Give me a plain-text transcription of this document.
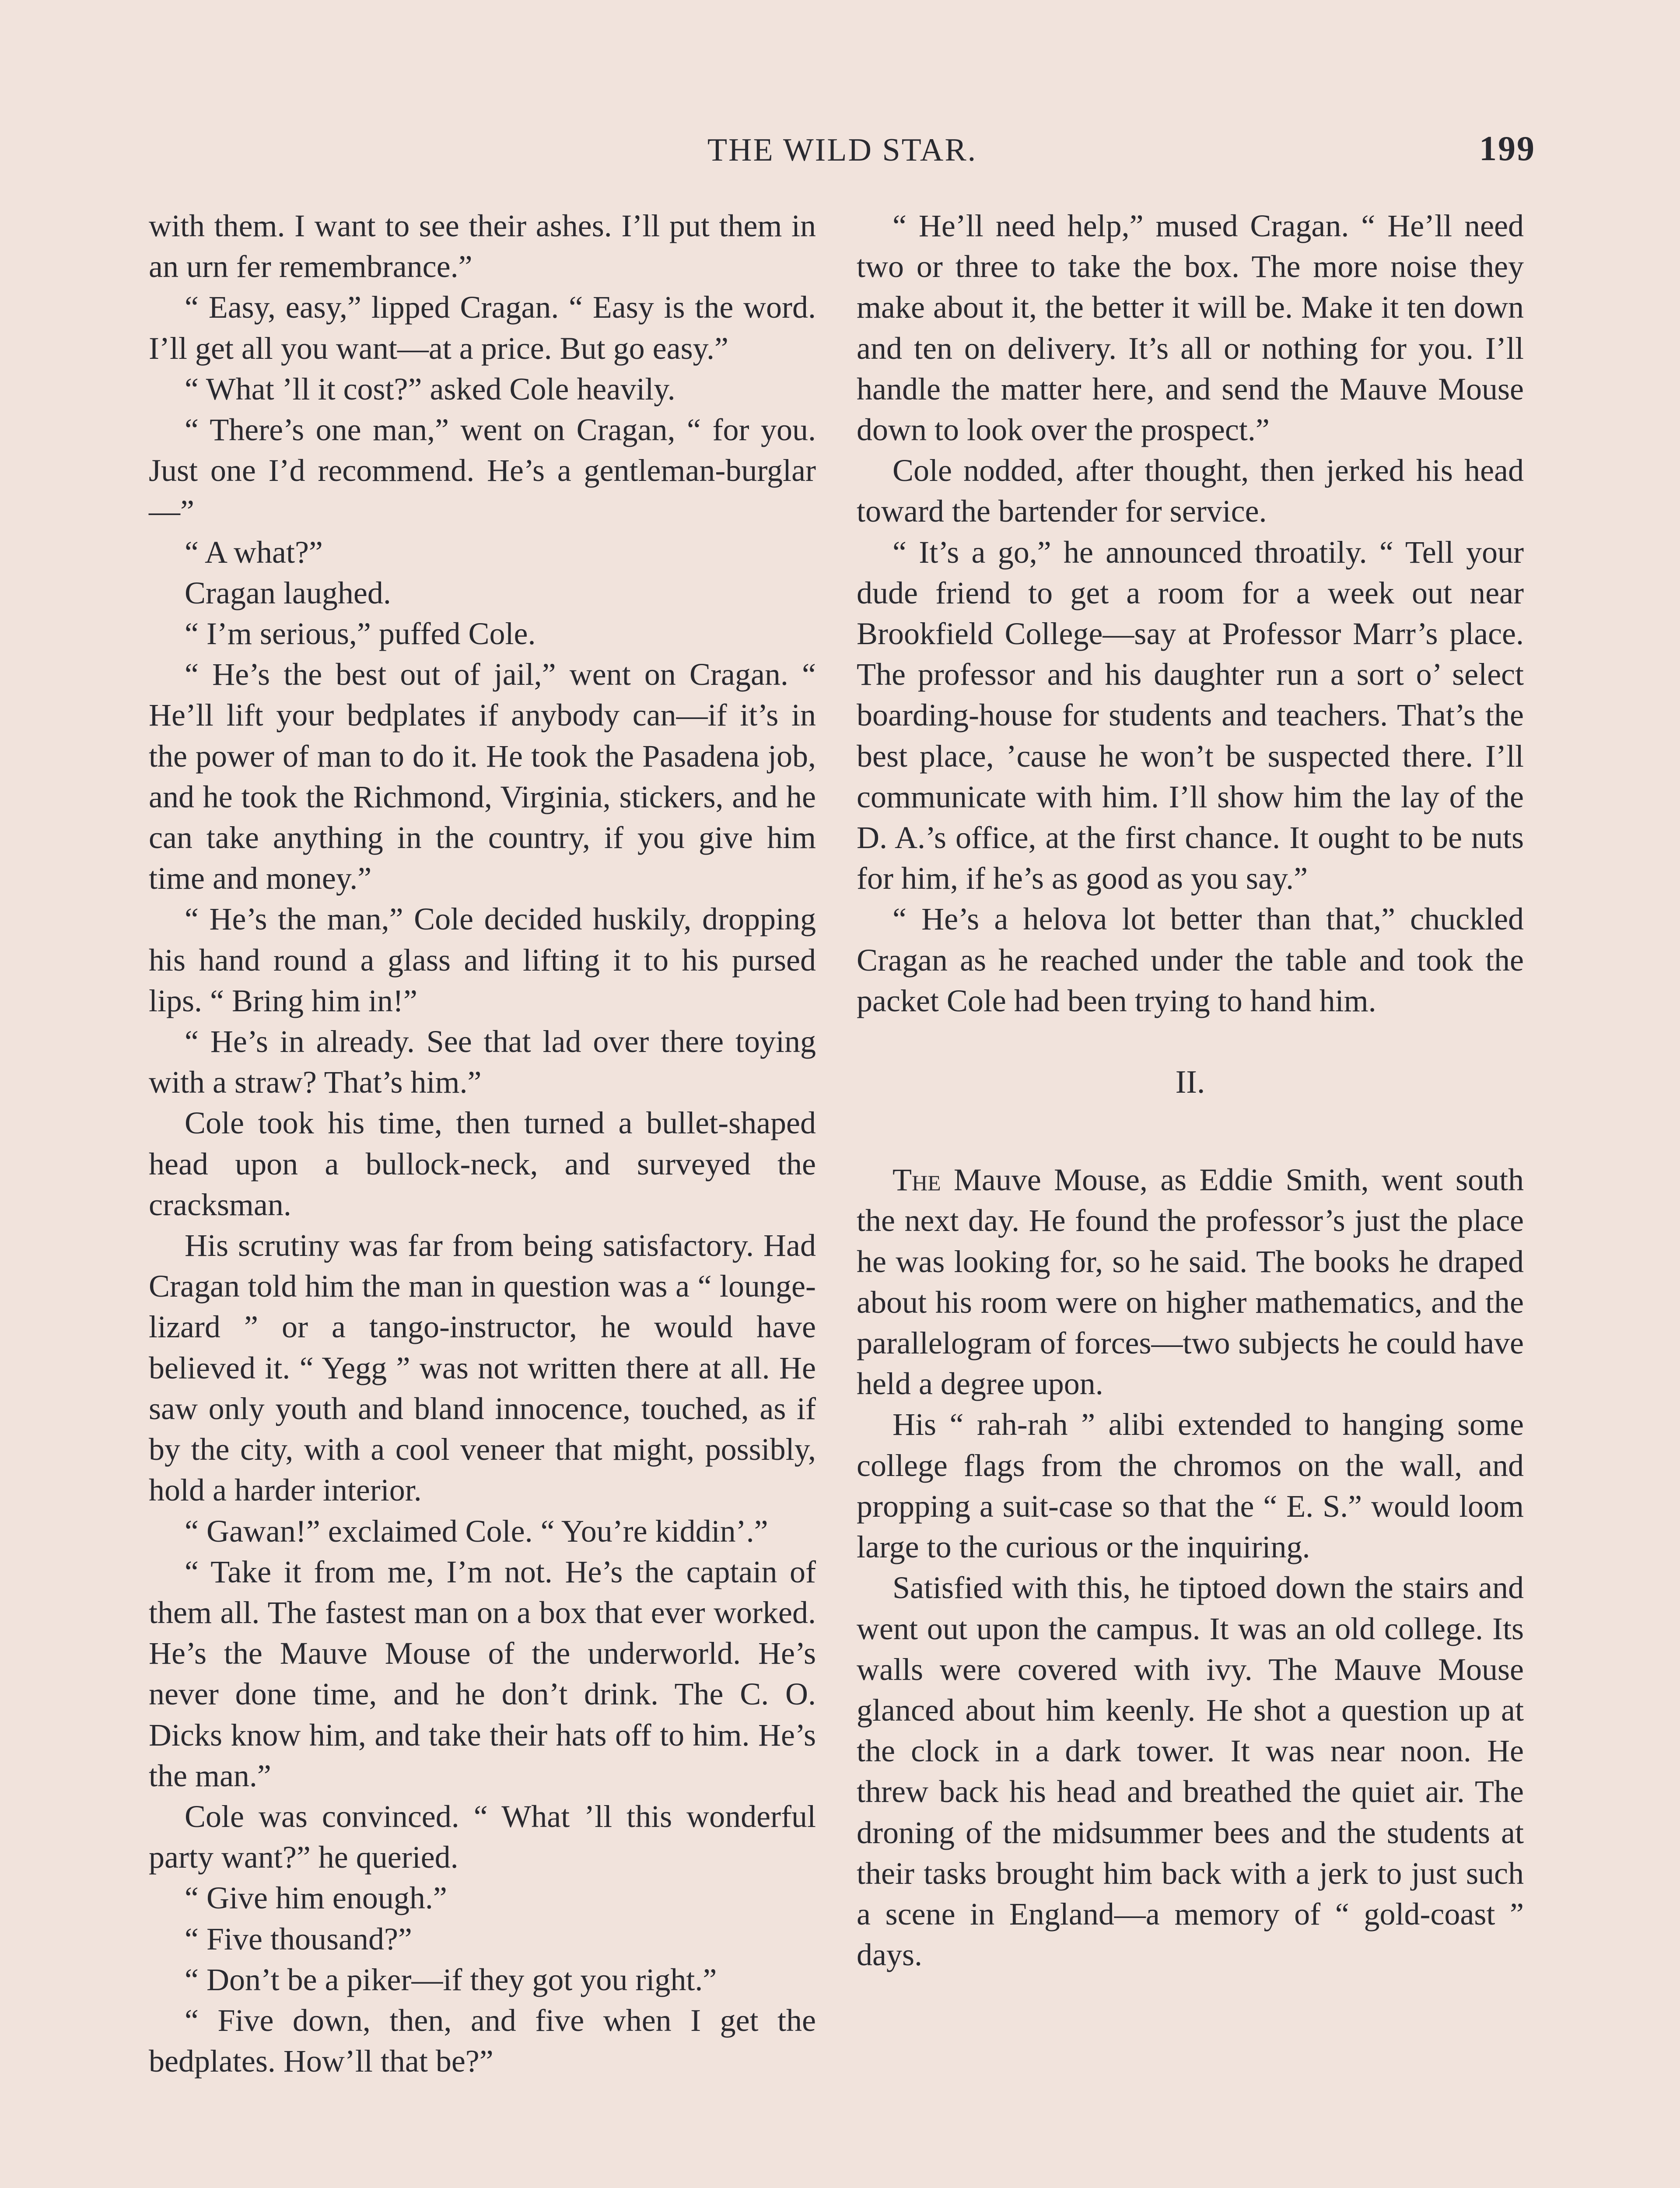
THE WILD STAR.	199

with them. I want to see their ashes. I’ll put them in an urn fer remembrance.”

“ Easy, easy,” lipped Cragan. “ Easy is the word. I’ll get all you want—at a price. But go easy.”

“ What ’ll it cost?” asked Cole heavily.

“ There’s one man,” went on Cragan, “ for you. Just one I’d recommend. He’s a gentleman-burglar—”

“ A what?”

Cragan laughed.

“ I’m serious,” puffed Cole.

“ He’s the best out of jail,” went on Cragan. “ He’ll lift your bedplates if anybody can—if it’s in the power of man to do it. He took the Pasadena job, and he took the Richmond, Virginia, stickers, and he can take anything in the country, if you give him time and money.”

“ He’s the man,” Cole decided huskily, dropping his hand round a glass and lifting it to his pursed lips. “ Bring him in!”

“ He’s in already. See that lad over there toying with a straw? That’s him.”

Cole took his time, then turned a bullet-shaped head upon a bullock-neck, and surveyed the cracksman.

His scrutiny was far from being satisfactory. Had Cragan told him the man in question was a “ lounge-lizard ” or a tango-instructor, he would have believed it. “ Yegg ” was not written there at all. He saw only youth and bland innocence, touched, as if by the city, with a cool veneer that might, possibly, hold a harder interior.

“ Gawan!” exclaimed Cole. “ You’re kiddin’.”

“ Take it from me, I’m not. He’s the captain of them all. The fastest man on a box that ever worked. He’s the Mauve Mouse of the underworld. He’s never done time, and he don’t drink. The C. O. Dicks know him, and take their hats off to him. He’s the man.”

Cole was convinced. “ What ’ll this wonderful party want?” he queried.

“ Give him enough.”

“ Five thousand?”

“ Don’t be a piker—if they got you right.”

“ Five down, then, and five when I get the bedplates. How’ll that be?”

“ He’ll need help,” mused Cragan. “ He’ll need two or three to take the box. The more noise they make about it, the better it will be. Make it ten down and ten on delivery. It’s all or nothing for you. I’ll handle the matter here, and send the Mauve Mouse down to look over the prospect.”

Cole nodded, after thought, then jerked his head toward the bartender for service.

“ It’s a go,” he announced throatily. “ Tell your dude friend to get a room for a week out near Brookfield College—say at Professor Marr’s place. The professor and his daughter run a sort o’ select boarding-house for students and teachers. That’s the best place, ’cause he won’t be suspected there. I’ll communicate with him. I’ll show him the lay of the D. A.’s office, at the first chance. It ought to be nuts for him, if he’s as good as you say.”

“ He’s a helova lot better than that,” chuckled Cragan as he reached under the table and took the packet Cole had been trying to hand him.

II.

The Mauve Mouse, as Eddie Smith, went south the next day. He found the professor’s just the place he was looking for, so he said. The books he draped about his room were on higher mathematics, and the parallelogram of forces—two subjects he could have held a degree upon.

His “ rah-rah ” alibi extended to hanging some college flags from the chromos on the wall, and propping a suit-case so that the “ E. S.” would loom large to the curious or the inquiring.

Satisfied with this, he tiptoed down the stairs and went out upon the campus. It was an old college. Its walls were covered with ivy. The Mauve Mouse glanced about him keenly. He shot a question up at the clock in a dark tower. It was near noon. He threw back his head and breathed the quiet air. The droning of the midsummer bees and the students at their tasks brought him back with a jerk to just such a scene in England—a memory of “ gold-coast ” days.
